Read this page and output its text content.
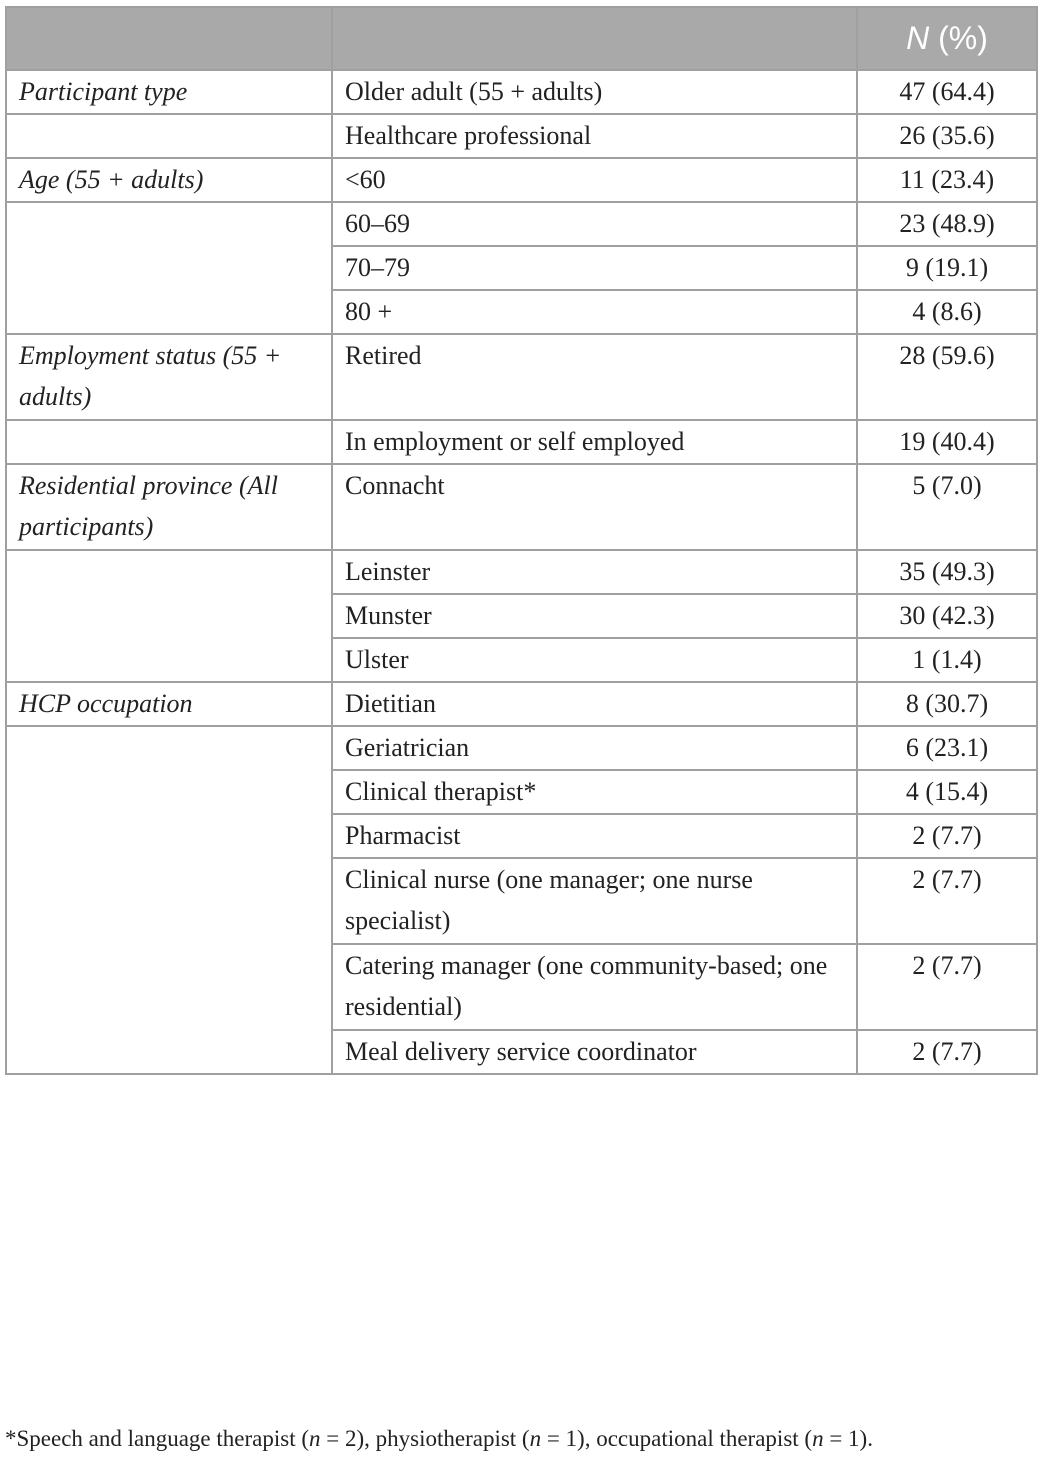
		N (%)
Participant type	Older adult (55 + adults)	47 (64.4)
	Healthcare professional	26 (35.6)
Age (55 + adults)	<60	11 (23.4)
	60–69	23 (48.9)
	70–79	9 (19.1)
	80 +	4 (8.6)
Employment status (55 + adults)	Retired	28 (59.6)
	In employment or self employed	19 (40.4)
Residential province (All participants)	Connacht	5 (7.0)
	Leinster	35 (49.3)
	Munster	30 (42.3)
	Ulster	1 (1.4)
HCP occupation	Dietitian	8 (30.7)
	Geriatrician	6 (23.1)
	Clinical therapist*	4 (15.4)
	Pharmacist	2 (7.7)
	Clinical nurse (one manager; one nurse specialist)	2 (7.7)
	Catering manager (one community-based; one residential)	2 (7.7)
	Meal delivery service coordinator	2 (7.7)
*Speech and language therapist (n = 2), physiotherapist (n = 1), occupational therapist (n = 1).
